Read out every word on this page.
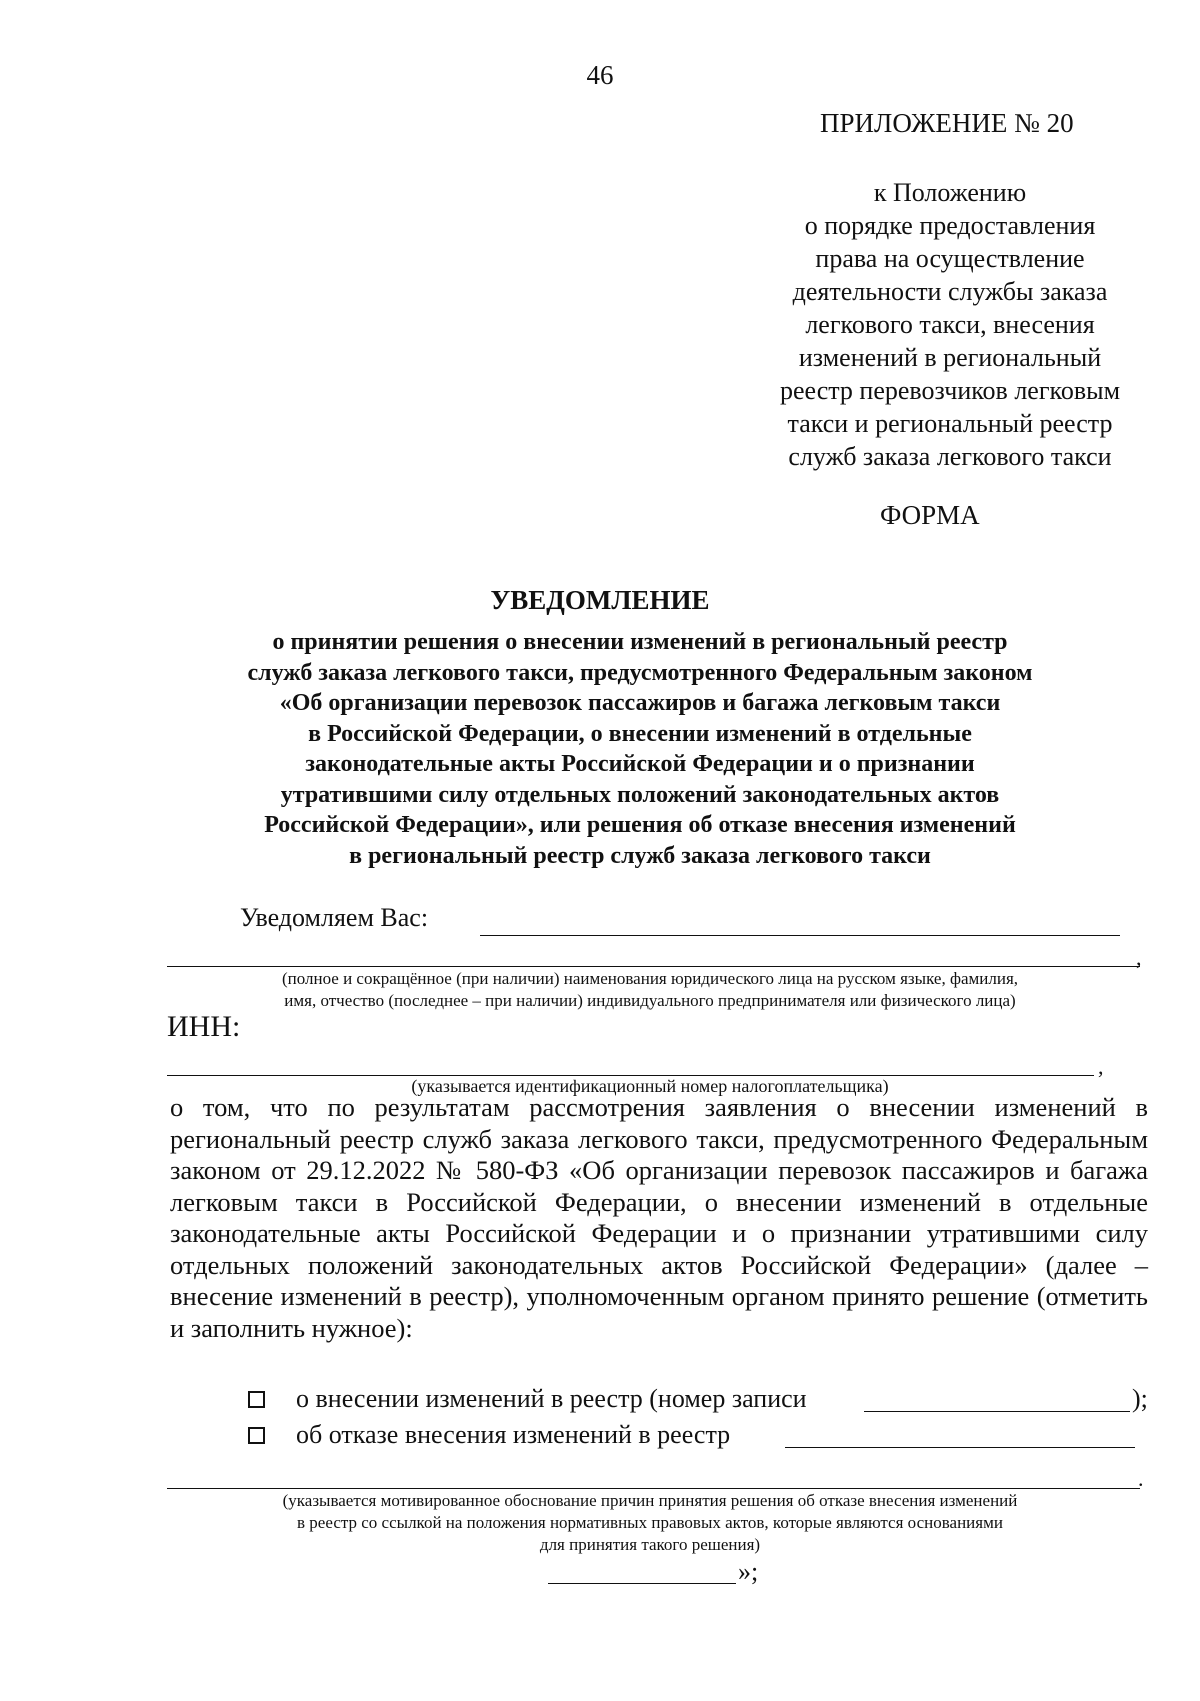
46
ПРИЛОЖЕНИЕ № 20
к Положению
о порядке предоставления
права на осуществление
деятельности службы заказа
легкового такси, внесения
изменений в региональный
реестр перевозчиков легковым
такси и региональный реестр
служб заказа легкового такси
ФОРМА
УВЕДОМЛЕНИЕ
о принятии решения о внесении изменений в региональный реестр
служб заказа легкового такси, предусмотренного Федеральным законом
«Об организации перевозок пассажиров и багажа легковым такси
в Российской Федерации, о внесении изменений в отдельные
законодательные акты Российской Федерации и о признании
утратившими силу отдельных положений законодательных актов
Российской Федерации», или решения об отказе внесения изменений
в региональный реестр служб заказа легкового такси
Уведомляем Вас:
,
(полное и сокращённое (при наличии) наименования юридического лица на русском языке, фамилия,
имя, отчество (последнее – при наличии) индивидуального предпринимателя или физического лица)
ИНН:
,
(указывается идентификационный номер налогоплательщика)

о том, что по результатам рассмотрения заявления о внесении изменений в региональный реестр служб заказа легкового такси, предусмотренного Федеральным законом от 29.12.2022 № 580-ФЗ «Об организации перевозок пассажиров и багажа легковым такси в Российской Федерации, о внесении изменений в отдельные законодательные акты Российской Федерации и о признании утратившими силу отдельных положений законодательных актов Российской Федерации» (далее – внесение изменений в реестр), уполномоченным органом принято решение (отметить и заполнить нужное):

о внесении изменений в реестр (номер записи	);
об отказе внесения изменений в реестр
.
(указывается мотивированное обоснование причин принятия решения об отказе внесения изменений
в реестр со ссылкой на положения нормативных правовых актов, которые являются основаниями
для принятия такого решения)
»;
